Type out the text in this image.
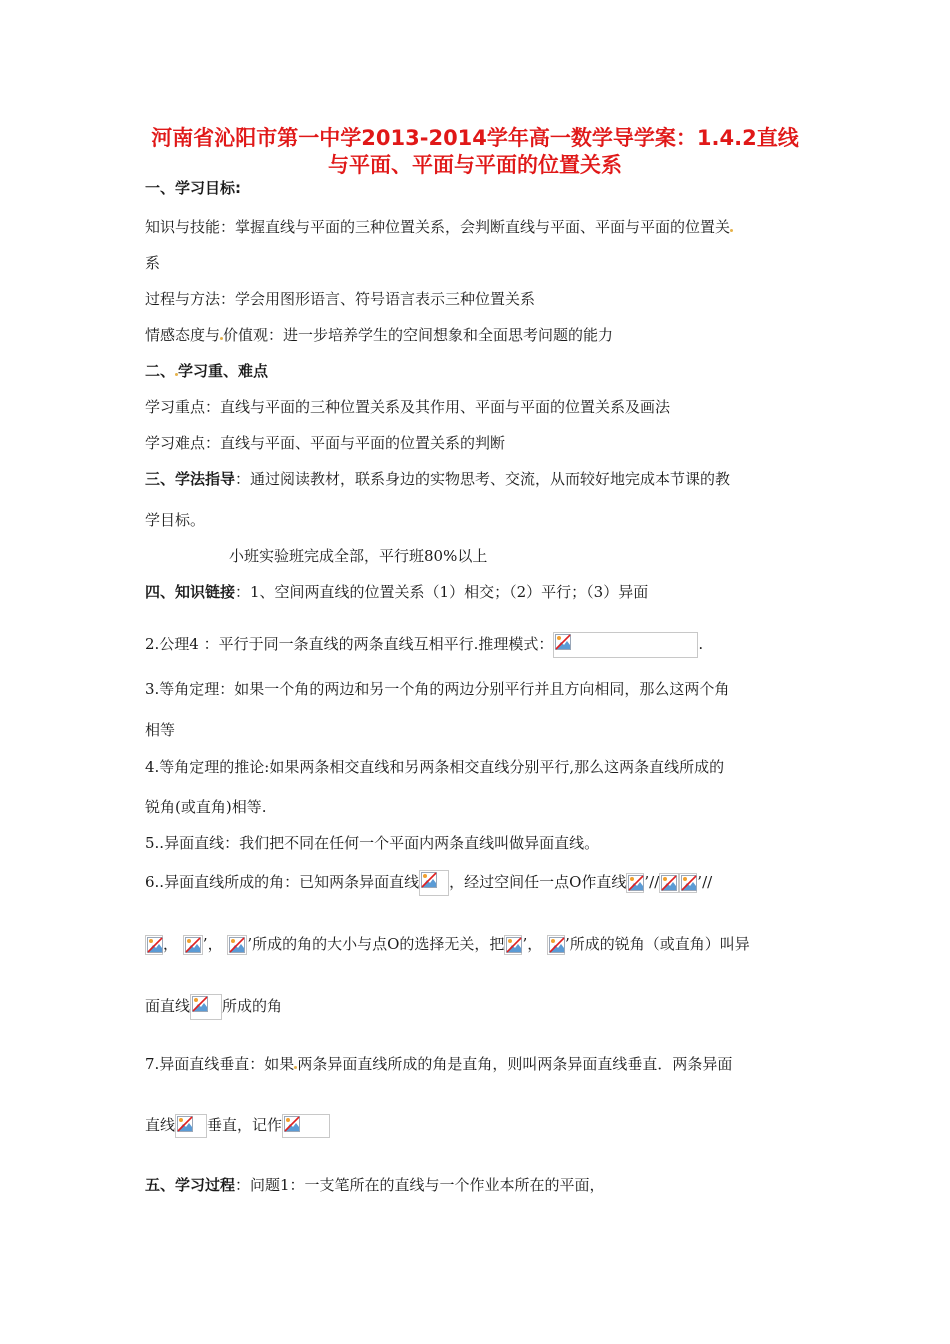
河南省沁阳市第一中学2013-2014学年高一数学导学案：1.4.2直线
与平面、平面与平面的位置关系
一、学习目标:
知识与技能：掌握直线与平面的三种位置关系，会判断直线与平面、平面与平面的位置关
系
过程与方法：学会用图形语言、符号语言表示三种位置关系
情感态度与 价值观：进一步培养学生的空间想象和全面思考问题的能力
二、 学习重、难点
学习重点：直线与平面的三种位置关系及其作用、平面与平面的位置关系及画法
学习难点：直线与平面、平面与平面的位置关系的判断
三、学法指导：通过阅读教材，联系身边的实物思考、交流，从而较好地完成本节课的教
学目标。
小班实验班完成全部，平行班80%以上
四、知识链接：1、空间两直线的位置关系（1）相交；（2）平行；（3）异面
2.公理4 ：平行于同一条直线的两条直线互相平行.推理模式：	.
3.等角定理：如果一个角的两边和另一个角的两边分别平行并且方向相同，那么这两个角
相等
4.等角定理的推论:如果两条相交直线和另两条相交直线分别平行,那么这两条直线所成的
锐角(或直角)相等.
5..异面直线：我们把不同在任何一个平面内两条直线叫做异面直线。
6..异面直线所成的角：已知两条异面直线 ，经过空间任一点O作直线 ’//	’//
， ’，
’所成的角的大小与点O的选择无关，把 ’， ’所成的锐角（或直角）叫异
面直线 所成的角
7.异面直线垂直：如果 两条异面直线所成的角是直角，则叫两条异面直线垂直．两条异面
直线 垂直，记作
五、学习过程：问题1：一支笔所在的直线与一个作业本所在的平面，
